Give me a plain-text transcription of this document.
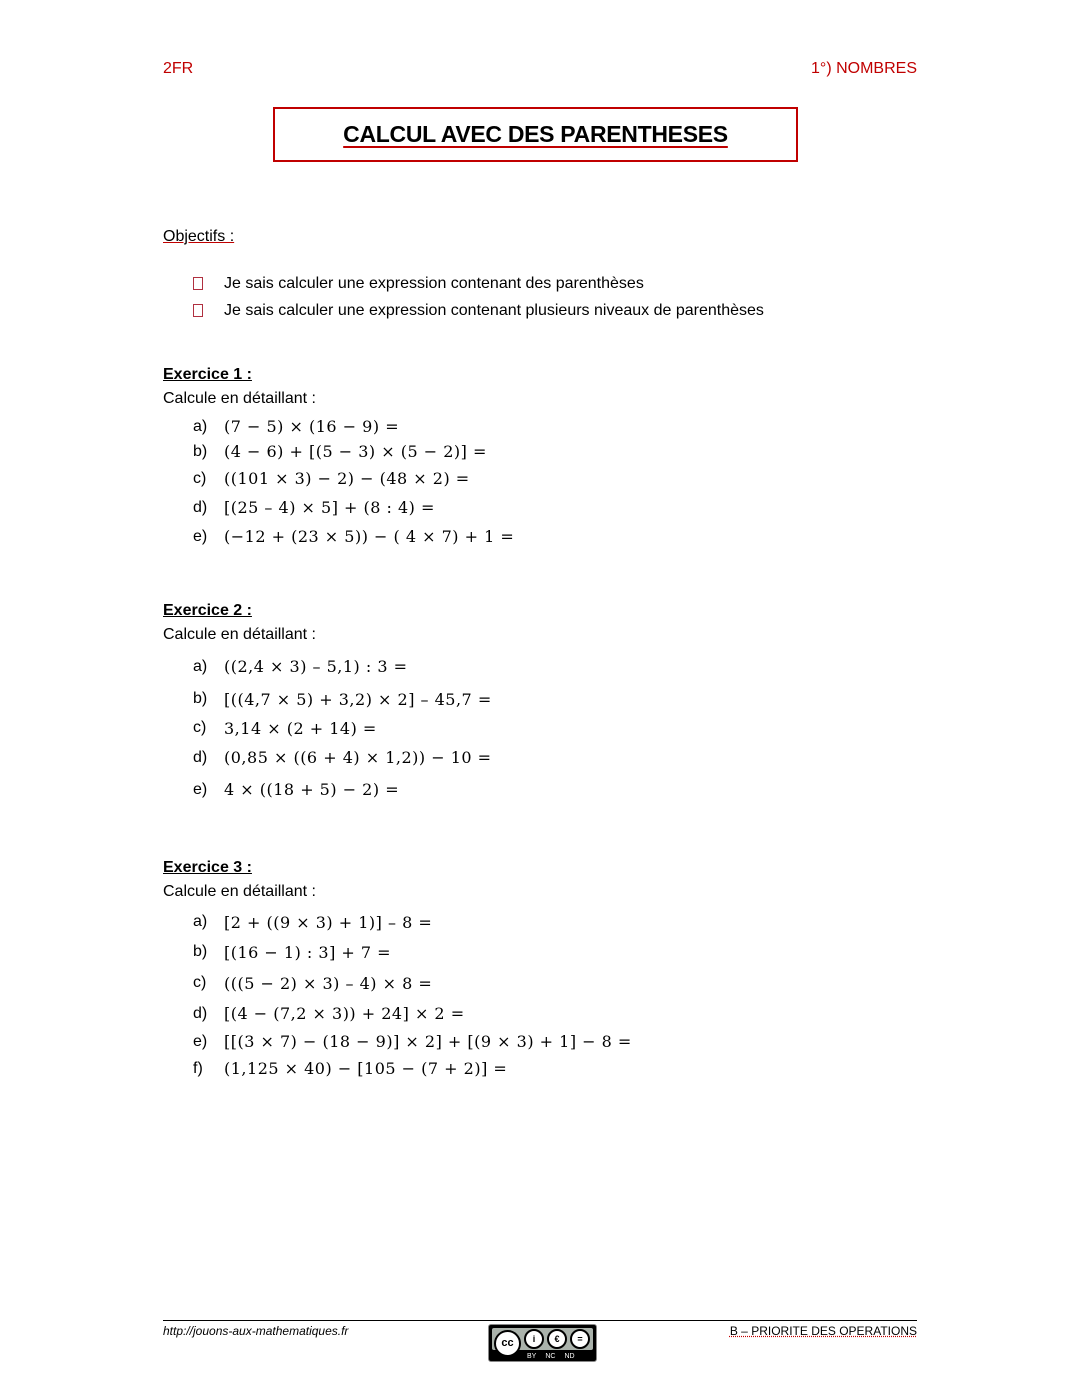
2FR	1°) NOMBRES
CALCUL AVEC DES PARENTHESES
Objectifs :
Je sais calculer une expression contenant des parenthèses
Je sais calculer une expression contenant plusieurs niveaux de parenthèses
Exercice 1 :
Calcule en détaillant :
a)	(7 − 5) × (16 − 9) =
b)	(4 − 6) + [(5 − 3) × (5 − 2)] =
c)	((101 × 3) − 2) − (48 × 2) =
d)	[(25 – 4) × 5] + (8 : 4) =
e)	(−12 + (23 × 5)) − ( 4 × 7) + 1 =
Exercice 2 :
Calcule en détaillant :
a)	((2,4 × 3) – 5,1) : 3 =
b)	[((4,7 × 5) + 3,2) × 2] – 45,7 =
c)	3,14 × (2 + 14) =
d)	(0,85 × ((6 + 4) × 1,2)) − 10 =
e)	4 × ((18 + 5) − 2) =
Exercice 3 :
Calcule en détaillant :
a)	[2 + ((9 × 3) + 1)] – 8 =
b)	[(16 − 1) : 3] + 7 =
c)	(((5 − 2) × 3) – 4) × 8 =
d)	[(4 − (7,2 × 3)) + 24] × 2 =
e)	[[(3 × 7) − (18 − 9)] × 2] + [(9 × 3) + 1] − 8 =
f)	(1,125 × 40) − [105 − (7 + 2)] =
http://jouons-aux-mathematiques.fr
cc	i	€	=
BY NC ND
B – PRIORITE DES OPERATIONS
